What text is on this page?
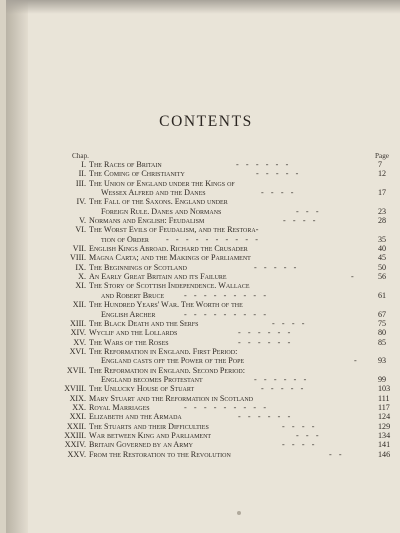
CONTENTS
Chap.	Page
I. The Races of Britain	- - - - - -	7
II. The Coming of Christianity	- - - - -	12
III. The Union of England under the Kings of
Wessex Alfred and the Danes	- - - -	17
IV. The Fall of the Saxons. England under
Foreign Rule. Danes and Normans	- - -	23
V. Normans and English: Feudalism	- - - -	28
VI. The Worst Evils of Feudalism, and the Restora-
tion of Order - - - - - - - - - -	35
VII. English Kings Abroad. Richard the Crusader	40
VIII. Magna Carta; and the Makings of Parliament	45
IX. The Beginnings of Scotland	- - - - -	50
X. An Early Great Britain and its Failure	-	56
XI. The Story of Scottish Independence. Wallace
and Robert Bruce - - - - - - - - -	61
XII. The Hundred Years' War. The Worth of the
English Archer	- - - - - - - - -	67
XIII. The Black Death and the Serfs	- - - -	75
XIV. Wyclif and the Lollards	- - - - - -	80
XV. The Wars of the Roses	- - - - - -	85
XVI. The Reformation in England. First Period:
England casts off the Power of the Pope	- 93
XVII. The Reformation in England. Second Period:
England becomes Protestant	- - - - - -	99
XVIII. The Unlucky House of Stuart	- - - - -	103
XIX. Mary Stuart and the Reformation in Scotland	111
XX. Royal Marriages	- - - - - - - - -	117
XXI. Elizabeth and the Armada	- - - - - -	124
XXII. The Stuarts and their Difficulties	- - - -	129
XXIII. War between King and Parliament	- - -	134
XXIV. Britain Governed by an Army	- - - -	141
XXV. From the Restoration to the Revolution	- -	146
